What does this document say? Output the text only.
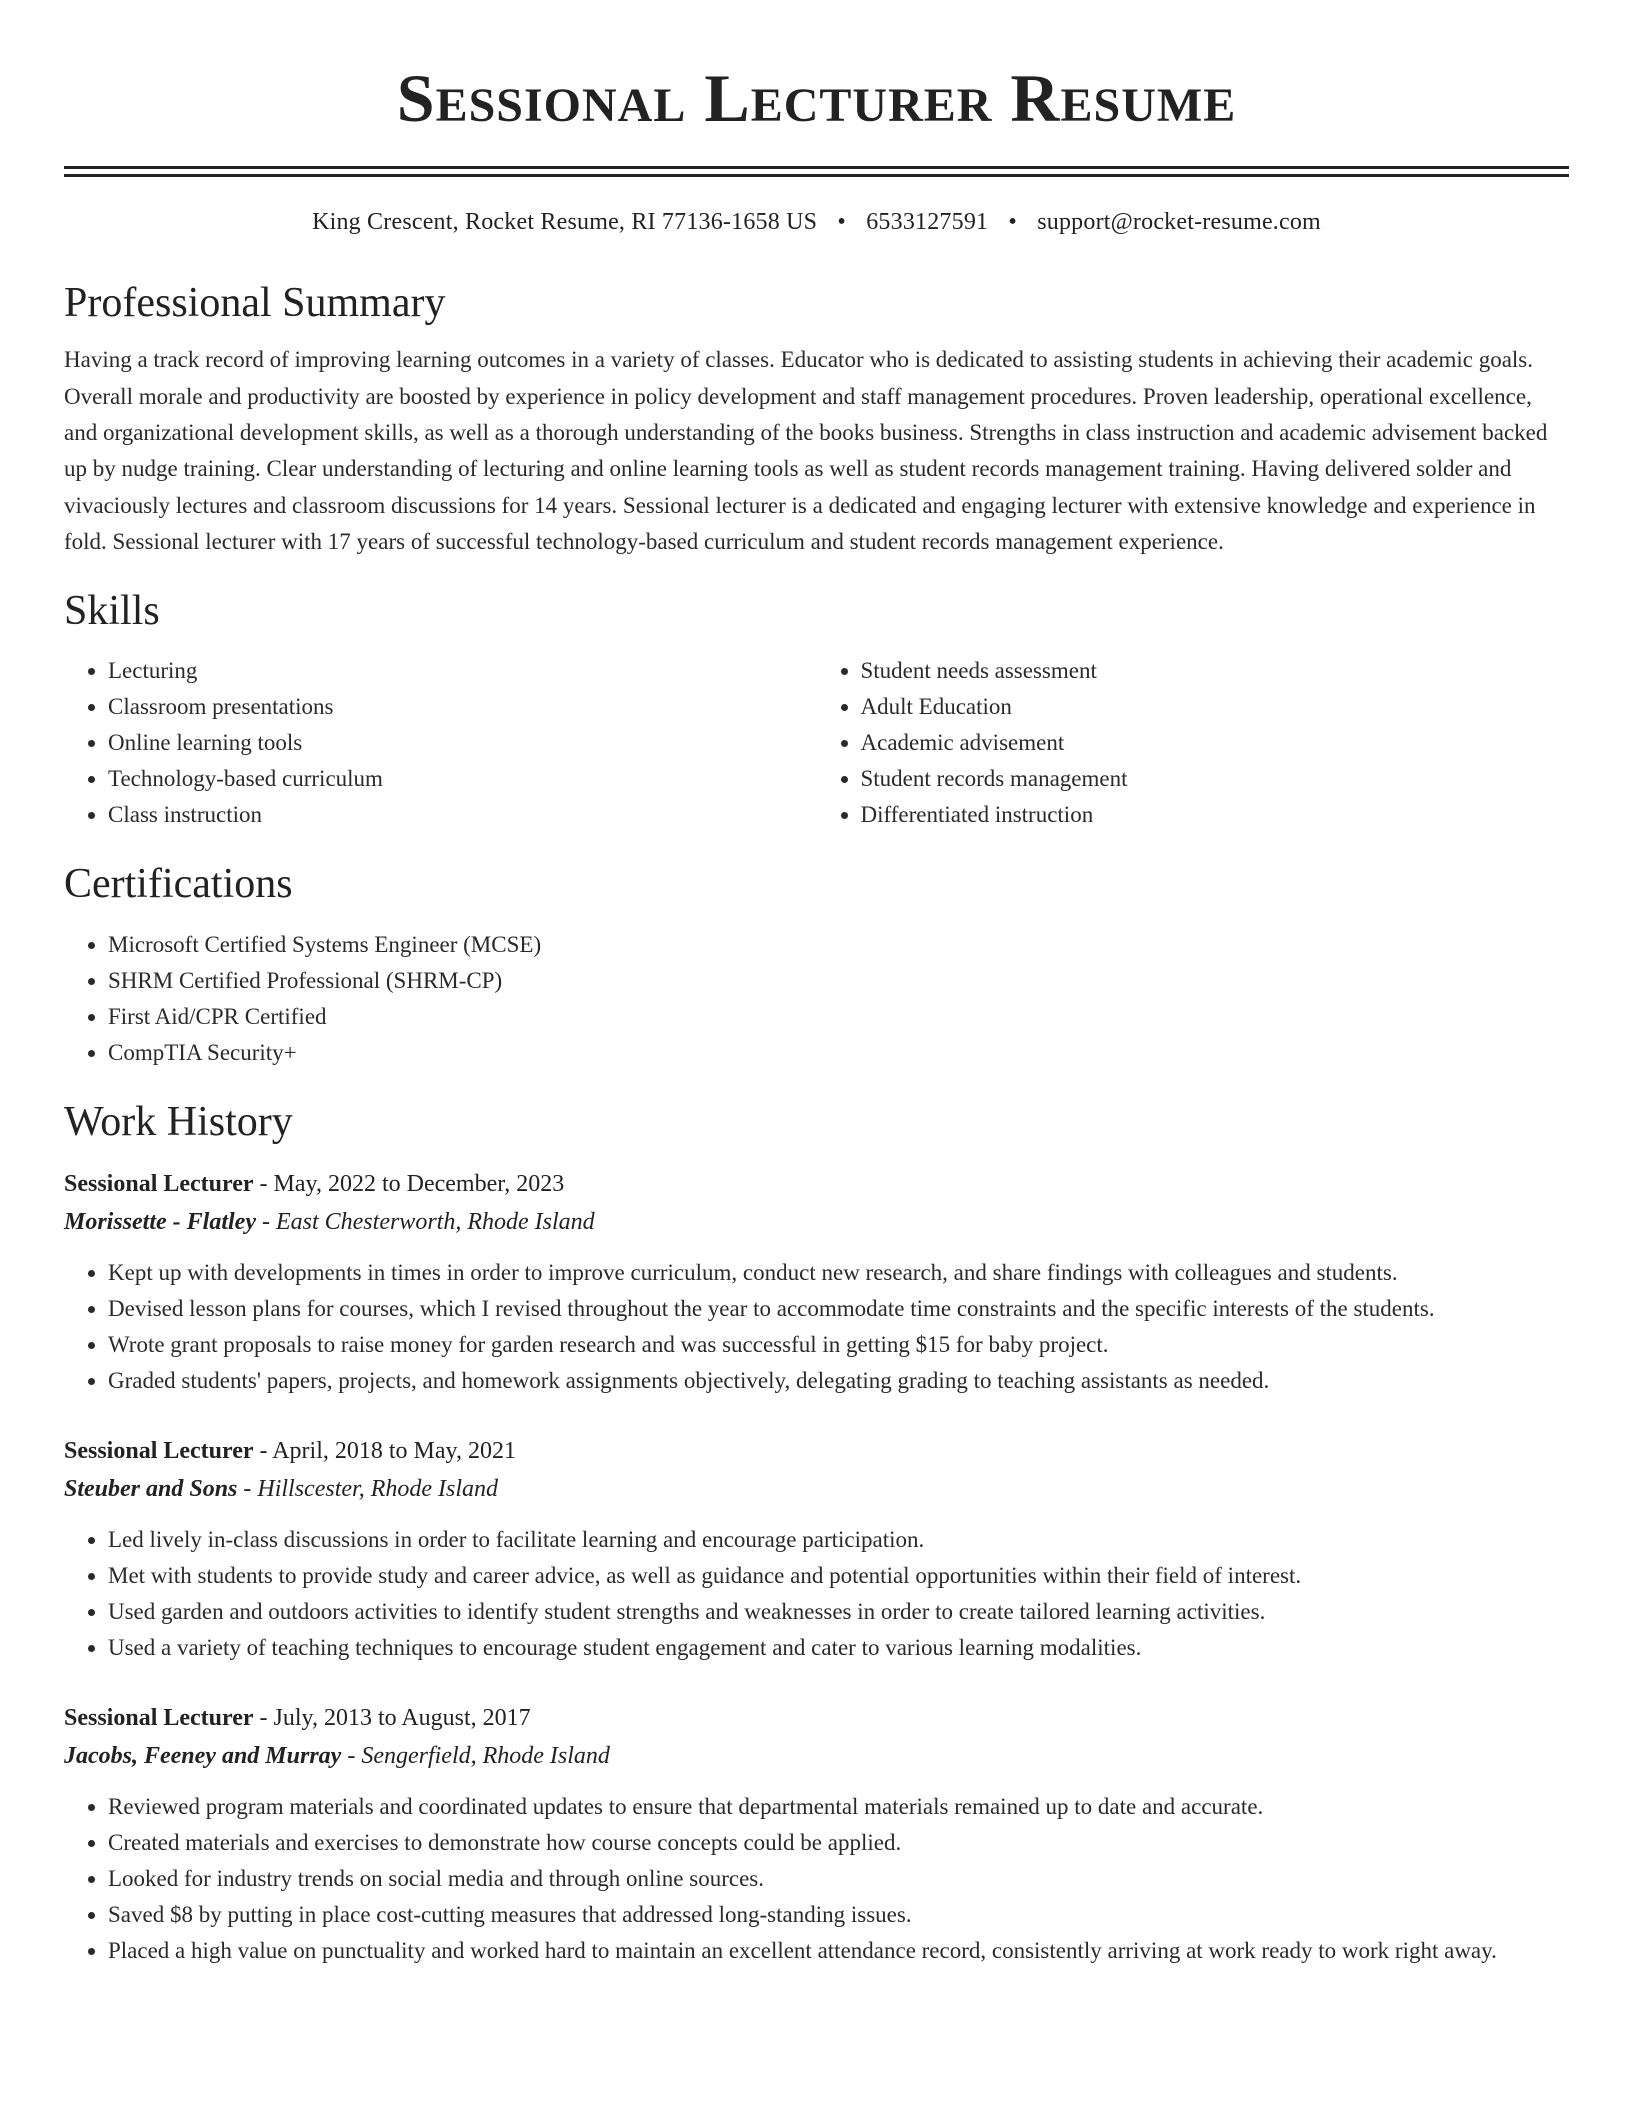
Sessional Lecturer Resume
King Crescent, Rocket Resume, RI 77136-1658 US • 6533127591 • support@rocket-resume.com
Professional Summary

Having a track record of improving learning outcomes in a variety of classes. Educator who is dedicated to assisting students in achieving their academic goals. Overall morale and productivity are boosted by experience in policy development and staff management procedures. Proven leadership, operational excellence, and organizational development skills, as well as a thorough understanding of the books business. Strengths in class instruction and academic advisement backed up by nudge training. Clear understanding of lecturing and online learning tools as well as student records management training. Having delivered solder and vivaciously lectures and classroom discussions for 14 years. Sessional lecturer is a dedicated and engaging lecturer with extensive knowledge and experience in fold. Sessional lecturer with 17 years of successful technology-based curriculum and student records management experience.

Skills
• Lecturing
• Classroom presentations
• Online learning tools
• Technology-based curriculum
• Class instruction
• Student needs assessment
• Adult Education
• Academic advisement
• Student records management
• Differentiated instruction
Certifications
• Microsoft Certified Systems Engineer (MCSE)
• SHRM Certified Professional (SHRM-CP)
• First Aid/CPR Certified
• CompTIA Security+
Work History
Sessional Lecturer - May, 2022 to December, 2023
Morissette - Flatley - East Chesterworth, Rhode Island
• Kept up with developments in times in order to improve curriculum, conduct new research, and share findings with colleagues and students.
• Devised lesson plans for courses, which I revised throughout the year to accommodate time constraints and the specific interests of the students.
• Wrote grant proposals to raise money for garden research and was successful in getting $15 for baby project.
• Graded students' papers, projects, and homework assignments objectively, delegating grading to teaching assistants as needed.
Sessional Lecturer - April, 2018 to May, 2021
Steuber and Sons - Hillscester, Rhode Island
• Led lively in-class discussions in order to facilitate learning and encourage participation.
• Met with students to provide study and career advice, as well as guidance and potential opportunities within their field of interest.
• Used garden and outdoors activities to identify student strengths and weaknesses in order to create tailored learning activities.
• Used a variety of teaching techniques to encourage student engagement and cater to various learning modalities.
Sessional Lecturer - July, 2013 to August, 2017
Jacobs, Feeney and Murray - Sengerfield, Rhode Island
• Reviewed program materials and coordinated updates to ensure that departmental materials remained up to date and accurate.
• Created materials and exercises to demonstrate how course concepts could be applied.
• Looked for industry trends on social media and through online sources.
• Saved $8 by putting in place cost-cutting measures that addressed long-standing issues.
• Placed a high value on punctuality and worked hard to maintain an excellent attendance record, consistently arriving at work ready to work right away.
